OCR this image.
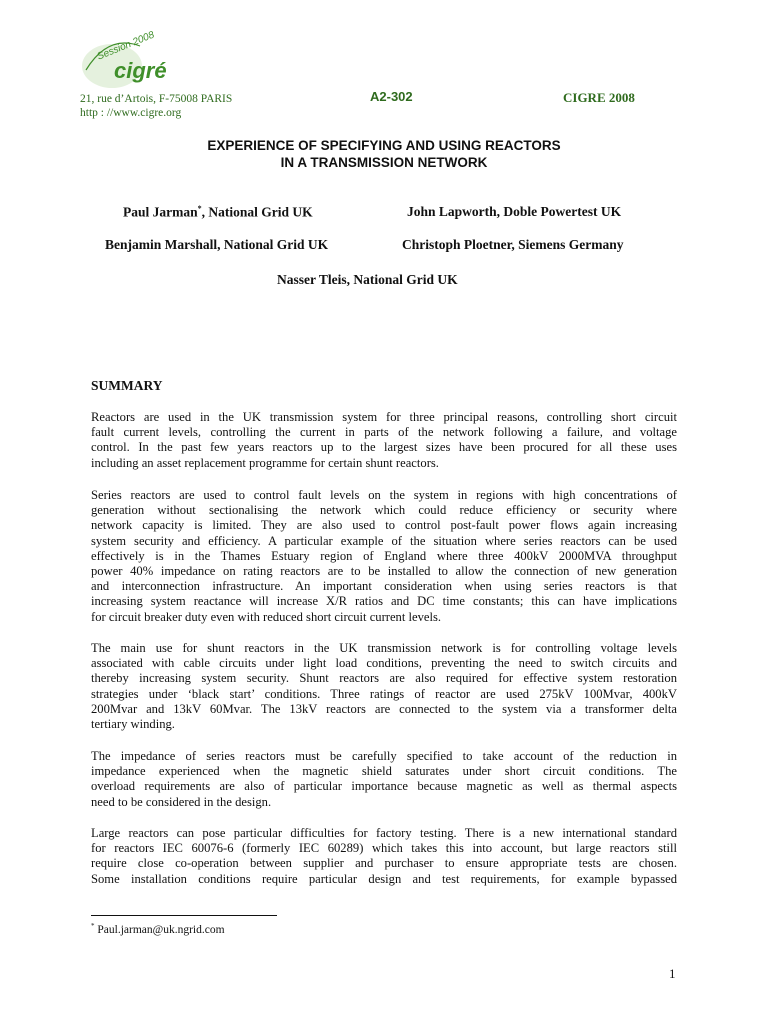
Session 2008
cigré
21, rue d’Artois, F-75008 PARIS
http : //www.cigre.org
A2-302	CIGRE 2008
EXPERIENCE OF SPECIFYING AND USING REACTORS
IN A TRANSMISSION NETWORK
Paul Jarman*, National Grid UK	John Lapworth, Doble Powertest UK
Benjamin Marshall, National Grid UK	Christoph Ploetner, Siemens Germany
Nasser Tleis, National Grid UK
SUMMARY
Reactors are used in the UK transmission system for three principal reasons, controlling short circuit
fault current levels, controlling the current in parts of the network following a failure, and voltage
control. In the past few years reactors up to the largest sizes have been procured for all these uses
including an asset replacement programme for certain shunt reactors.
Series reactors are used to control fault levels on the system in regions with high concentrations of
generation without sectionalising the network which could reduce efficiency or security where
network capacity is limited. They are also used to control post-fault power flows again increasing
system security and efficiency. A particular example of the situation where series reactors can be used
effectively is in the Thames Estuary region of England where three 400kV 2000MVA throughput
power 40% impedance on rating reactors are to be installed to allow the connection of new generation
and interconnection infrastructure. An important consideration when using series reactors is that
increasing system reactance will increase X/R ratios and DC time constants; this can have implications
for circuit breaker duty even with reduced short circuit current levels.
The main use for shunt reactors in the UK transmission network is for controlling voltage levels
associated with cable circuits under light load conditions, preventing the need to switch circuits and
thereby increasing system security. Shunt reactors are also required for effective system restoration
strategies under ‘black start’ conditions. Three ratings of reactor are used 275kV 100Mvar, 400kV
200Mvar and 13kV 60Mvar. The 13kV reactors are connected to the system via a transformer delta
tertiary winding.
The impedance of series reactors must be carefully specified to take account of the reduction in
impedance experienced when the magnetic shield saturates under short circuit conditions. The
overload requirements are also of particular importance because magnetic as well as thermal aspects
need to be considered in the design.
Large reactors can pose particular difficulties for factory testing. There is a new international standard
for reactors IEC 60076-6 (formerly IEC 60289) which takes this into account, but large reactors still
require close co-operation between supplier and purchaser to ensure appropriate tests are chosen.
Some installation conditions require particular design and test requirements, for example bypassed
* Paul.jarman@uk.ngrid.com
1
